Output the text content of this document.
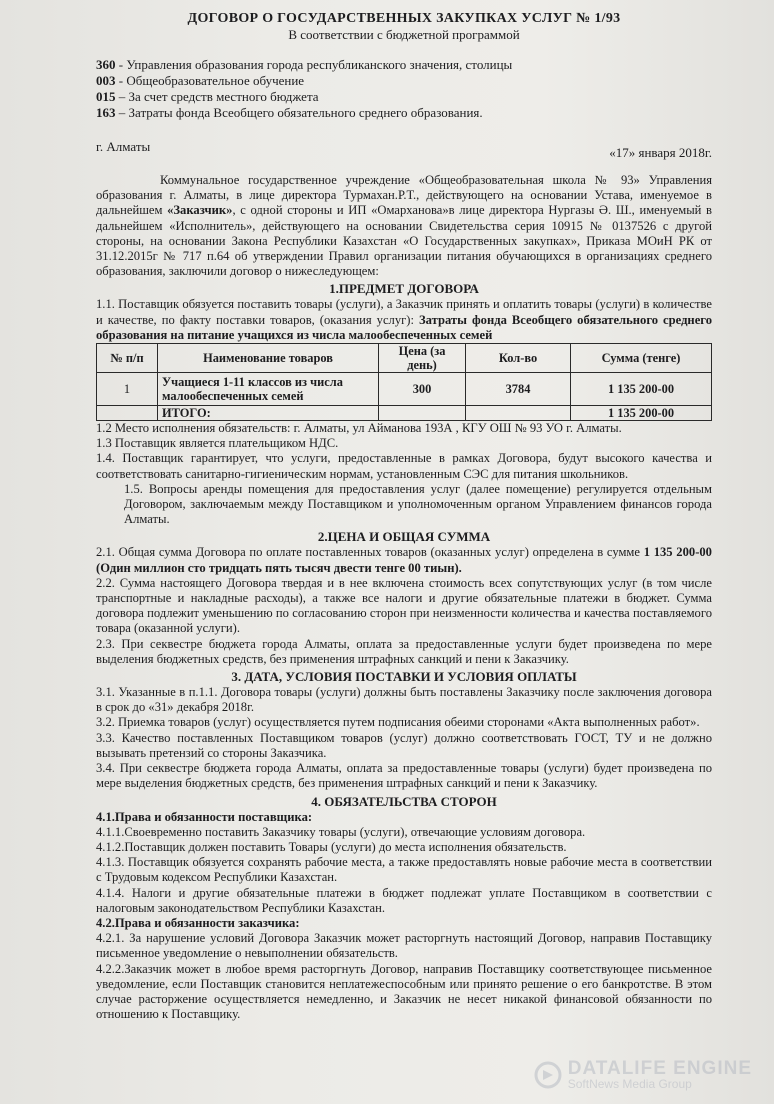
ДОГОВОР О ГОСУДАРСТВЕННЫХ ЗАКУПКАХ УСЛУГ № 1/93

В соответствии с бюджетной программой

360 - Управления образования города республиканского значения, столицы
003 - Общеобразовательное обучение
015 – За счет средств местного бюджета
163 – Затраты фонда Всеобщего обязательного среднего образования.
г. Алматы	«17» января 2018г.

Коммунальное государственное учреждение «Общеобразовательная школа № 93» Управления образования г. Алматы, в лице директора Турмахан.Р.Т., действующего на основании Устава, именуемое в дальнейшем «Заказчик», с одной стороны и ИП «Омарханова»в лице директора Нургазы Ә. Ш., именуемый в дальнейшем «Исполнитель», действующего на основании Свидетельства серия 10915 № 0137526 с другой стороны, на основании Закона Республики Казахстан «О Государственных закупках», Приказа МОиН РК от 31.12.2015г № 717 п.64 об утверждении Правил организации питания обучающихся в организациях среднего образования, заключили договор о нижеследующем:

1.ПРЕДМЕТ ДОГОВОРА

1.1. Поставщик обязуется поставить товары (услуги), а Заказчик принять и оплатить товары (услуги) в количестве и качестве, по факту поставки товаров, (оказания услуг): Затраты фонда Всеобщего обязательного среднего образования на питание учащихся из числа малообеспеченных семей

№ п/п	Наименование товаров	Цена (за день)	Кол-во	Сумма (тенге)
1	Учащиеся 1-11 классов из числа малообеспеченных семей	300	3784	1 135 200-00
	ИТОГО:			1 135 200-00

1.2 Место исполнения обязательств: г. Алматы, ул Айманова 193А , КГУ ОШ № 93 УО г. Алматы.

1.3 Поставщик является плательщиком НДС.

1.4. Поставщик гарантирует, что услуги, предоставленные в рамках Договора, будут высокого качества и соответствовать санитарно-гигиеническим нормам, установленным СЭС для питания школьников.

1.5. Вопросы аренды помещения для предоставления услуг (далее помещение) регулируется отдельным Договором, заключаемым между Поставщиком и уполномоченным органом Управлением финансов города Алматы.

2.ЦЕНА И ОБЩАЯ СУММА

2.1. Общая сумма Договора по оплате поставленных товаров (оказанных услуг) определена в сумме 1 135 200-00 (Один миллион сто тридцать пять тысяч двести тенге 00 тиын).

2.2. Сумма настоящего Договора твердая и в нее включена стоимость всех сопутствующих услуг (в том числе транспортные и накладные расходы), а также все налоги и другие обязательные платежи в бюджет. Сумма договора подлежит уменьшению по согласованию сторон при неизменности количества и качества поставляемого товара (оказанной услуги).

2.3. При секвестре бюджета города Алматы, оплата за предоставленные услуги будет произведена по мере выделения бюджетных средств, без применения штрафных санкций и пени к Заказчику.

3. ДАТА, УСЛОВИЯ ПОСТАВКИ И УСЛОВИЯ ОПЛАТЫ

3.1. Указанные в п.1.1. Договора товары (услуги) должны быть поставлены Заказчику после заключения договора в срок до «31» декабря 2018г.

3.2. Приемка товаров (услуг) осуществляется путем подписания обеими сторонами «Акта выполненных работ».

3.3. Качество поставленных Поставщиком товаров (услуг) должно соответствовать ГОСТ, ТУ и не должно вызывать претензий со стороны Заказчика.

3.4. При секвестре бюджета города Алматы, оплата за предоставленные товары (услуги) будет произведена по мере выделения бюджетных средств, без применения штрафных санкций и пени к Заказчику.

4. ОБЯЗАТЕЛЬСТВА СТОРОН

4.1.Права и обязанности поставщика:

4.1.1.Своевременно поставить Заказчику товары (услуги), отвечающие условиям договора.

4.1.2.Поставщик должен поставить Товары (услуги) до места исполнения обязательств.

4.1.3. Поставщик обязуется сохранять рабочие места, а также предоставлять новые рабочие места в соответствии с Трудовым кодексом Республики Казахстан.

4.1.4. Налоги и другие обязательные платежи в бюджет подлежат уплате Поставщиком в соответствии с налоговым законодательством Республики Казахстан.

4.2.Права и обязанности заказчика:

4.2.1. За нарушение условий Договора Заказчик может расторгнуть настоящий Договор, направив Поставщику письменное уведомление о невыполнении обязательств.

4.2.2.Заказчик может в любое время расторгнуть Договор, направив Поставщику соответствующее письменное уведомление, если Поставщик становится неплатежеспособным или принято решение о его банкротстве. В этом случае расторжение осуществляется немедленно, и Заказчик не несет никакой финансовой обязанности по отношению к Поставщику.

DATALIFE ENGINE
SoftNews Media Group
